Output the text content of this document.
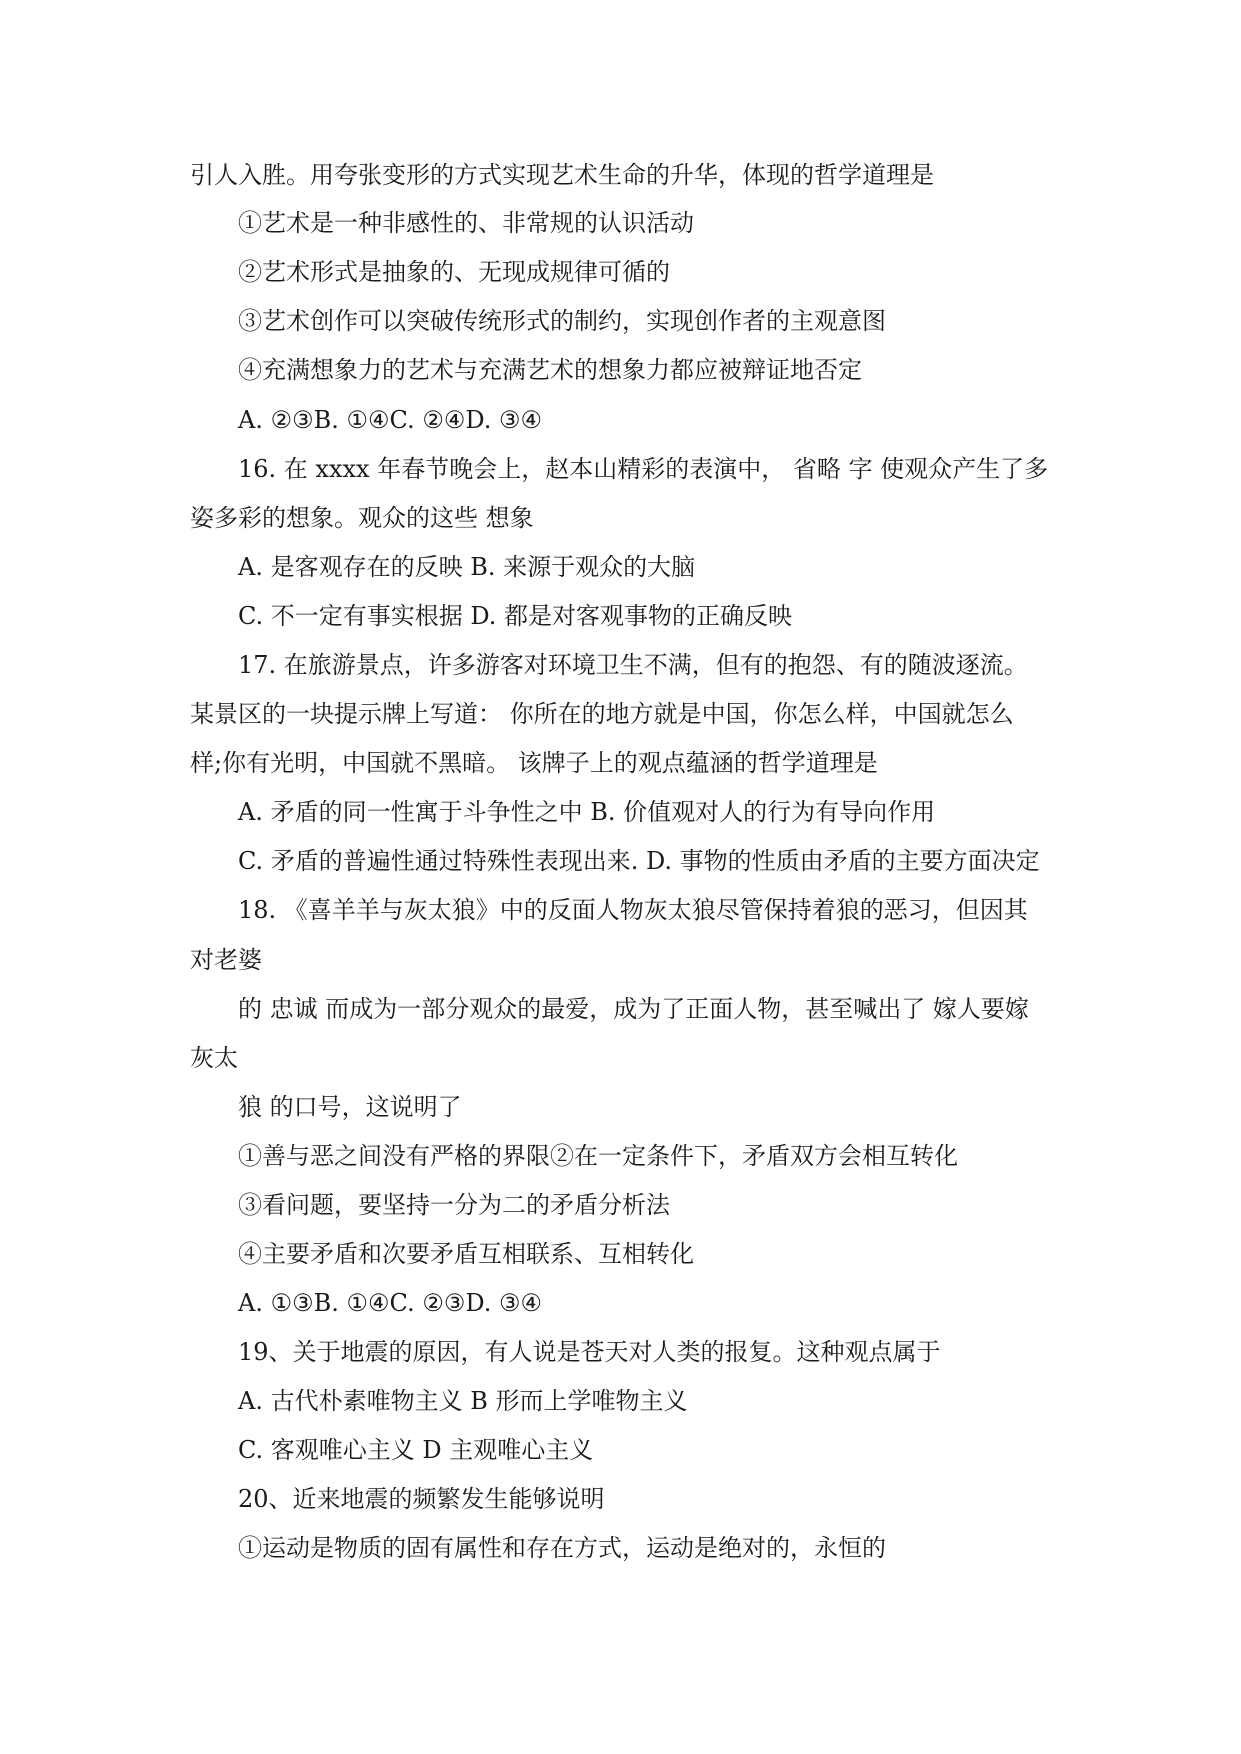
引人入胜。用夸张变形的方式实现艺术生命的升华，体现的哲学道理是
①艺术是一种非感性的、非常规的认识活动
②艺术形式是抽象的、无现成规律可循的
③艺术创作可以突破传统形式的制约，实现创作者的主观意图
④充满想象力的艺术与充满艺术的想象力都应被辩证地否定
A. ②③B. ①④C. ②④D. ③④
16. 在 xxxx 年春节晚会上，赵本山精彩的表演中， 省略 字 使观众产生了多
姿多彩的想象。观众的这些 想象
A. 是客观存在的反映 B. 来源于观众的大脑
C. 不一定有事实根据 D. 都是对客观事物的正确反映
17. 在旅游景点，许多游客对环境卫生不满，但有的抱怨、有的随波逐流。
某景区的一块提示牌上写道： 你所在的地方就是中国，你怎么样，中国就怎么
样;你有光明，中国就不黑暗。 该牌子上的观点蕴涵的哲学道理是
A. 矛盾的同一性寓于斗争性之中 B. 价值观对人的行为有导向作用
C. 矛盾的普遍性通过特殊性表现出来. D. 事物的性质由矛盾的主要方面决定
18. 《喜羊羊与灰太狼》中的反面人物灰太狼尽管保持着狼的恶习，但因其
对老婆
的 忠诚 而成为一部分观众的最爱，成为了正面人物，甚至喊出了 嫁人要嫁
灰太
狼 的口号，这说明了
①善与恶之间没有严格的界限②在一定条件下，矛盾双方会相互转化
③看问题，要坚持一分为二的矛盾分析法
④主要矛盾和次要矛盾互相联系、互相转化
A. ①③B. ①④C. ②③D. ③④
19、关于地震的原因，有人说是苍天对人类的报复。这种观点属于
A. 古代朴素唯物主义 B 形而上学唯物主义
C. 客观唯心主义 D 主观唯心主义
20、近来地震的频繁发生能够说明
①运动是物质的固有属性和存在方式，运动是绝对的，永恒的
